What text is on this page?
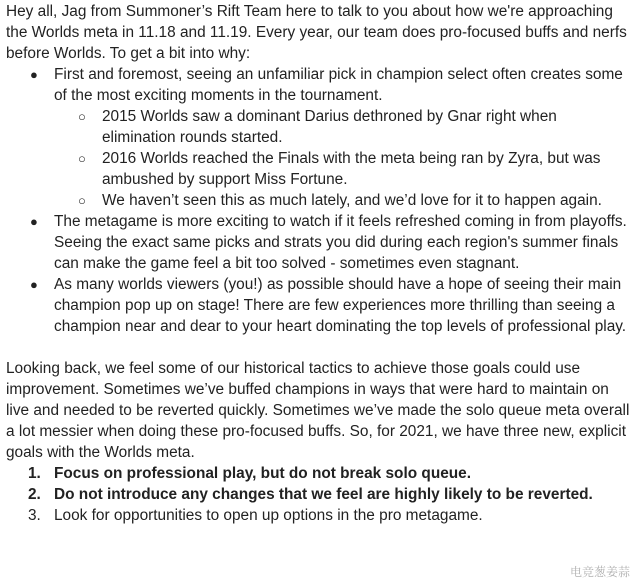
Hey all, Jag from Summoner’s Rift Team here to talk to you about how we're approaching the Worlds meta in 11.18 and 11.19. Every year, our team does pro-focused buffs and nerfs before Worlds. To get a bit into why:

●	First and foremost, seeing an unfamiliar pick in champion select often creates some of the most exciting moments in the tournament.
○	2015 Worlds saw a dominant Darius dethroned by Gnar right when elimination rounds started.
○	2016 Worlds reached the Finals with the meta being ran by Zyra, but was ambushed by support Miss Fortune.
○	We haven’t seen this as much lately, and we’d love for it to happen again.
●	The metagame is more exciting to watch if it feels refreshed coming in from playoffs. Seeing the exact same picks and strats you did during each region's summer finals can make the game feel a bit too solved - sometimes even stagnant.
●	As many worlds viewers (you!) as possible should have a hope of seeing their main champion pop up on stage! There are few experiences more thrilling than seeing a champion near and dear to your heart dominating the top levels of professional play.

Looking back, we feel some of our historical tactics to achieve those goals could use improvement. Sometimes we’ve buffed champions in ways that were hard to maintain on live and needed to be reverted quickly. Sometimes we’ve made the solo queue meta overall a lot messier when doing these pro-focused buffs. So, for 2021, we have three new, explicit goals with the Worlds meta.

1. Focus on professional play, but do not break solo queue.
2. Do not introduce any changes that we feel are highly likely to be reverted.
3. Look for opportunities to open up options in the pro metagame.
电竞葱姜蒜
